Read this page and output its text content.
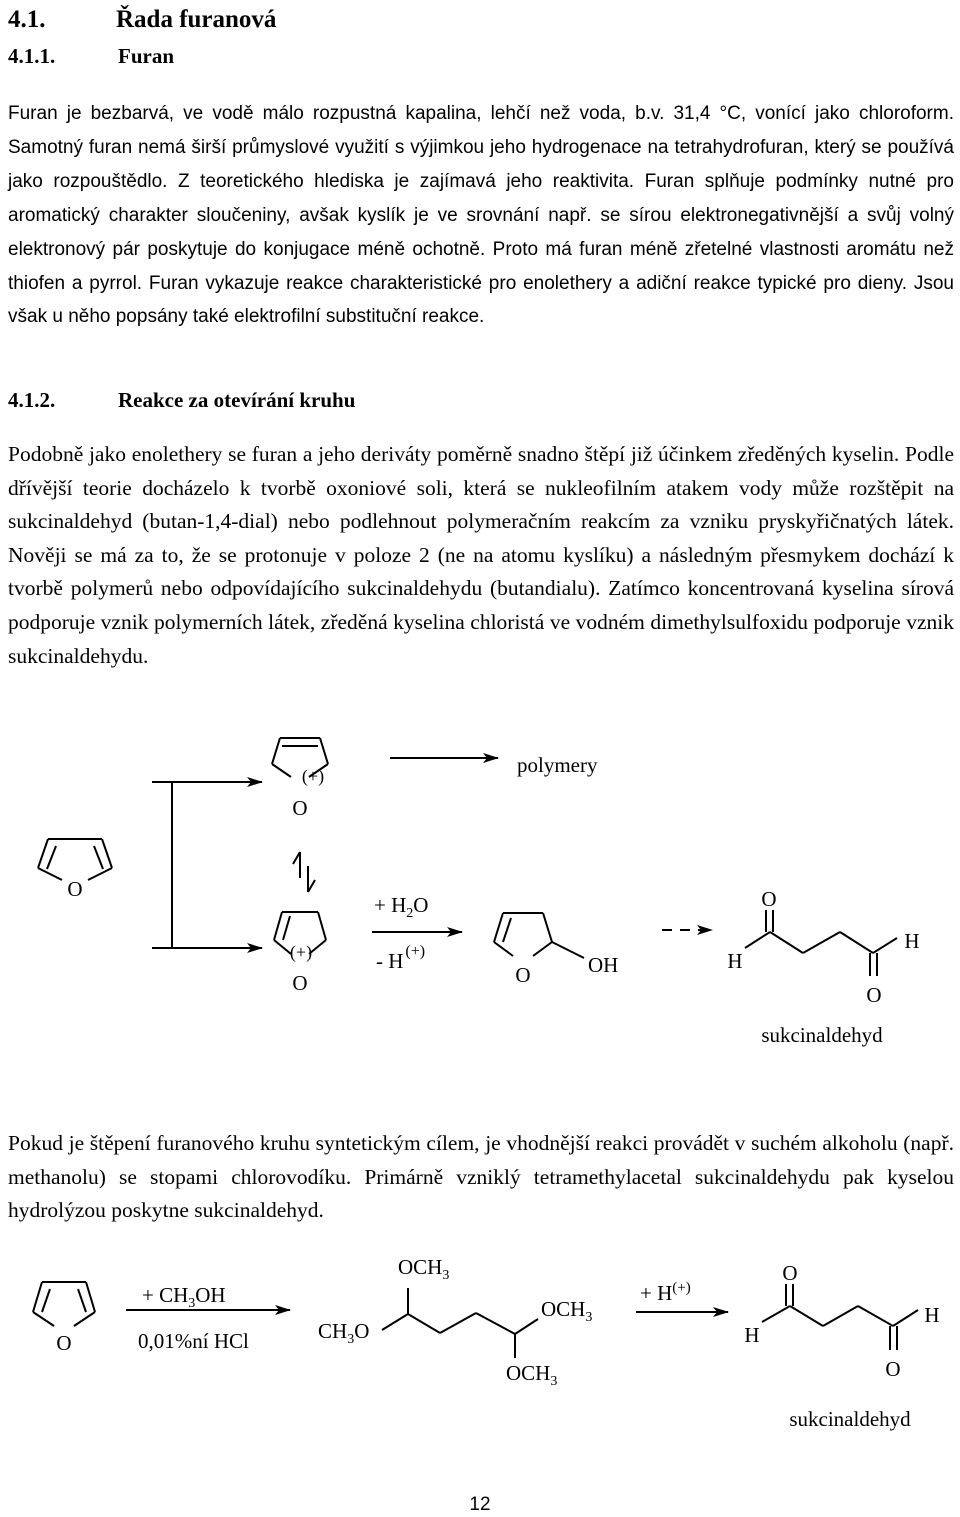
4.1.	Řada furanová
4.1.1.	Furan

Furan je bezbarvá, ve vodě málo rozpustná kapalina, lehčí než voda, b.v. 31,4 °C, vonící jako chloroform. Samotný furan nemá širší průmyslové využití s výjimkou jeho hydrogenace na tetrahydrofuran, který se používá jako rozpouštědlo. Z teoretického hlediska je zajímavá jeho reaktivita. Furan splňuje podmínky nutné pro aromatický charakter sloučeniny, avšak kyslík je ve srovnání např. se sírou elektronegativnější a svůj volný elektronový pár poskytuje do konjugace méně ochotně. Proto má furan méně zřetelné vlastnosti aromátu než thiofen a pyrrol. Furan vykazuje reakce charakteristické pro enolethery a adiční reakce typické pro dieny. Jsou však u něho popsány také elektrofilní substituční reakce.

4.1.2.	Reakce za otevírání kruhu

Podobně jako enolethery se furan a jeho deriváty poměrně snadno štěpí již účinkem zředěných kyselin. Podle dřívější teorie docházelo k tvorbě oxoniové soli, která se nukleofilním atakem vody může rozštěpit na sukcinaldehyd (butan-1,4-dial) nebo podlehnout polymeračním reakcím za vzniku pryskyřičnatých látek. Nověji se má za to, že se protonuje v poloze 2 (ne na atomu kyslíku) a následným přesmykem dochází k tvorbě polymerů nebo odpovídajícího sukcinaldehydu (butandialu). Zatímco koncentrovaná kyselina sírová podporuje vznik polymerních látek, zředěná kyselina chloristá ve vodném dimethylsulfoxidu podporuje vznik sukcinaldehydu.

O
(+)
O
polymery
(+)
O
+ $H_2O$
- H (+)
O	OH
O
H
H
O
sukcinaldehyd

Pokud je štěpení furanového kruhu syntetickým cílem, je vhodnější reakci provádět v suchém alkoholu (např. methanolu) se stopami chlorovodíku. Primárně vzniklý tetramethylacetal sukcinaldehydu pak kyselou hydrolýzou poskytne sukcinaldehyd.

O
+ $CH_3OH$
0,01%ní HCl
$OCH_3$
$CH_3O$
$OCH_3$
$OCH_3$
+ H(+)
O
H
H
O
sukcinaldehyd
12
